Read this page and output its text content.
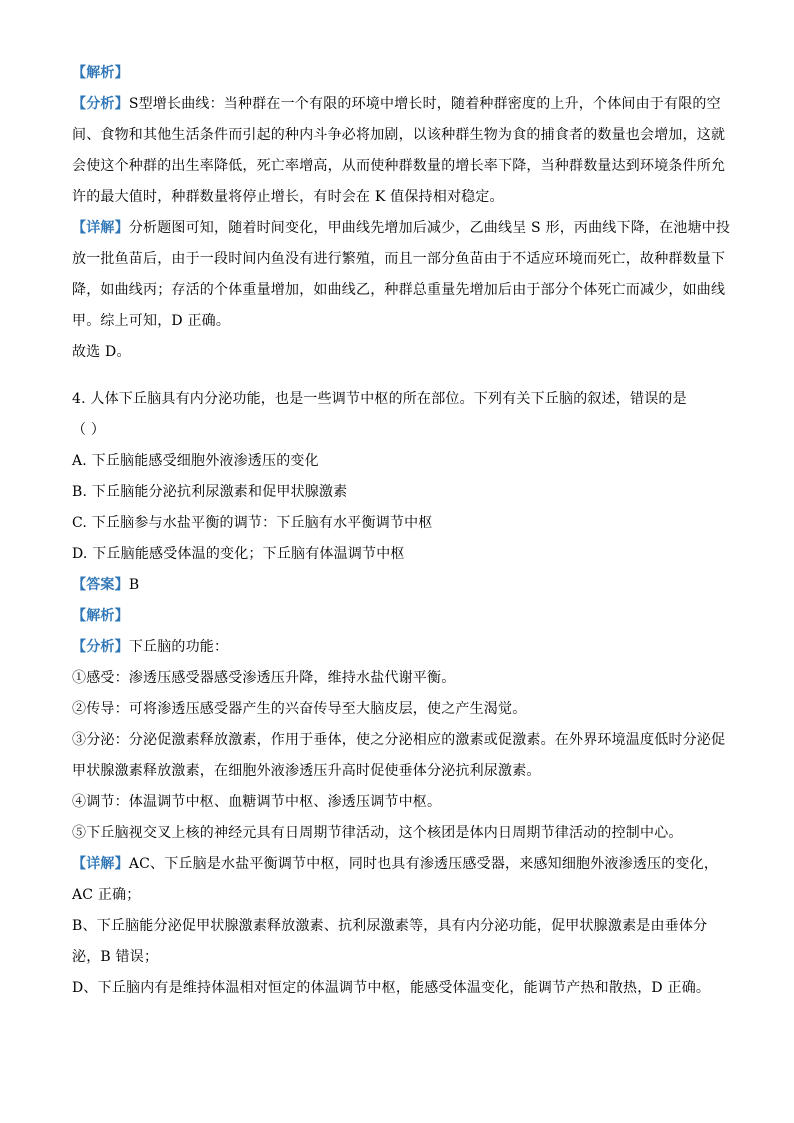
【解析】
【分析】S型增长曲线：当种群在一个有限的环境中增长时，随着种群密度的上升，个体间由于有限的空
间、食物和其他生活条件而引起的种内斗争必将加剧，以该种群生物为食的捕食者的数量也会增加，这就
会使这个种群的出生率降低，死亡率增高，从而使种群数量的增长率下降，当种群数量达到环境条件所允
许的最大值时，种群数量将停止增长，有时会在 K 值保持相对稳定。
【详解】分析题图可知，随着时间变化，甲曲线先增加后减少，乙曲线呈 S 形，丙曲线下降，在池塘中投
放一批鱼苗后，由于一段时间内鱼没有进行繁殖，而且一部分鱼苗由于不适应环境而死亡，故种群数量下
降，如曲线丙；存活的个体重量增加，如曲线乙，种群总重量先增加后由于部分个体死亡而减少，如曲线
甲。综上可知，D 正确。
故选 D。
4. 人体下丘脑具有内分泌功能，也是一些调节中枢的所在部位。下列有关下丘脑的叙述，错误的是
（ ）
A. 下丘脑能感受细胞外液渗透压的变化
B. 下丘脑能分泌抗利尿激素和促甲状腺激素
C. 下丘脑参与水盐平衡的调节：下丘脑有水平衡调节中枢
D. 下丘脑能感受体温的变化；下丘脑有体温调节中枢
【答案】B
【解析】
【分析】下丘脑的功能：
①感受：渗透压感受器感受渗透压升降，维持水盐代谢平衡。
②传导：可将渗透压感受器产生的兴奋传导至大脑皮层，使之产生渴觉。
③分泌：分泌促激素释放激素，作用于垂体，使之分泌相应的激素或促激素。在外界环境温度低时分泌促
甲状腺激素释放激素，在细胞外液渗透压升高时促使垂体分泌抗利尿激素。
④调节：体温调节中枢、血糖调节中枢、渗透压调节中枢。
⑤下丘脑视交叉上核的神经元具有日周期节律活动，这个核团是体内日周期节律活动的控制中心。
【详解】AC、下丘脑是水盐平衡调节中枢，同时也具有渗透压感受器，来感知细胞外液渗透压的变化，
AC 正确；
B、下丘脑能分泌促甲状腺激素释放激素、抗利尿激素等，具有内分泌功能，促甲状腺激素是由垂体分
泌，B 错误；
D、下丘脑内有是维持体温相对恒定的体温调节中枢，能感受体温变化，能调节产热和散热，D 正确。
